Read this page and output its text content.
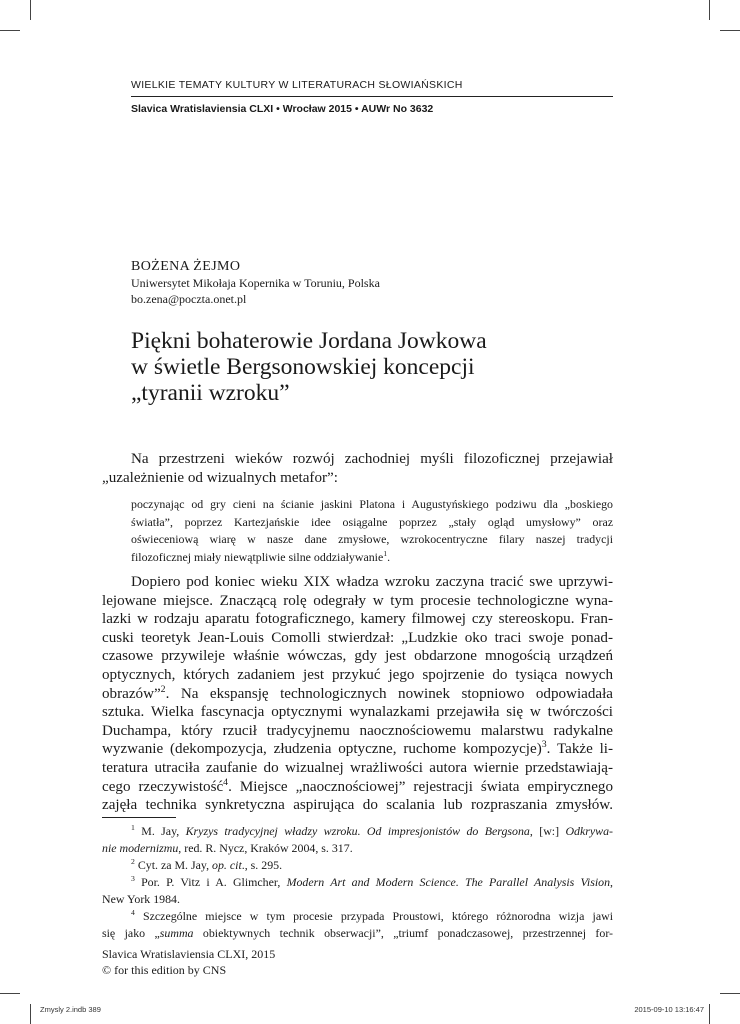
WIELKIE TEMATY KULTURY W LITERATURACH SŁOWIAŃSKICH
Slavica Wratislaviensia CLXI • Wrocław 2015 • AUWr No 3632
BOŻENA ŻEJMO
Uniwersytet Mikołaja Kopernika w Toruniu, Polska
bo.zena@poczta.onet.pl
Piękni bohaterowie Jordana Jowkowa
w świetle Bergsonowskiej koncepcji
„tyranii wzroku”
Na przestrzeni wieków rozwój zachodniej myśli filozoficznej przejawiał
„uzależnienie od wizualnych metafor”:
poczynając od gry cieni na ścianie jaskini Platona i Augustyńskiego podziwu dla „boskiego
światła”, poprzez Kartezjańskie idee osiągalne poprzez „stały ogląd umysłowy” oraz
oświeceniową wiarę w nasze dane zmysłowe, wzrokocentryczne filary naszej tradycji
filozoficznej miały niewątpliwie silne oddziaływanie$^1$.
Dopiero pod koniec wieku XIX władza wzroku zaczyna tracić swe uprzywi-
lejowane miejsce. Znaczącą rolę odegrały w tym procesie technologiczne wyna-
lazki w rodzaju aparatu fotograficznego, kamery filmowej czy stereoskopu. Fran-
cuski teoretyk Jean-Louis Comolli stwierdzał: „Ludzkie oko traci swoje ponad-
czasowe przywileje właśnie wówczas, gdy jest obdarzone mnogością urządzeń
optycznych, których zadaniem jest przykuć jego spojrzenie do tysiąca nowych
obrazów”$^2$. Na ekspansję technologicznych nowinek stopniowo odpowiadała
sztuka. Wielka fascynacja optycznymi wynalazkami przejawiła się w twórczości
Duchampa, który rzucił tradycyjnemu naocznościowemu malarstwu radykalne
wyzwanie (dekompozycja, złudzenia optyczne, ruchome kompozycje)$^3$. Także li-
teratura utraciła zaufanie do wizualnej wrażliwości autora wiernie przedstawiają-
cego rzeczywistość$^4$. Miejsce „naocznościowej” rejestracji świata empirycznego
zajęła technika synkretyczna aspirująca do scalania lub rozpraszania zmysłów.
$^1$ M. Jay, Kryzys tradycyjnej władzy wzroku. Od impresjonistów do Bergsona, [w:] Odkrywa-
nie modernizmu, red. R. Nycz, Kraków 2004, s. 317.
$^2$ Cyt. za M. Jay, op. cit., s. 295.
$^3$ Por. P. Vitz i A. Glimcher, Modern Art and Modern Science. The Parallel Analysis Vision,
New York 1984.
$^4$ Szczególne miejsce w tym procesie przypada Proustowi, którego różnorodna wizja jawi
się jako „summa obiektywnych technik obserwacji”, „triumf ponadczasowej, przestrzennej for-
Slavica Wratislaviensia CLXI, 2015
© for this edition by CNS
Zmysly 2.indb 389	2015-09-10 13:16:47
